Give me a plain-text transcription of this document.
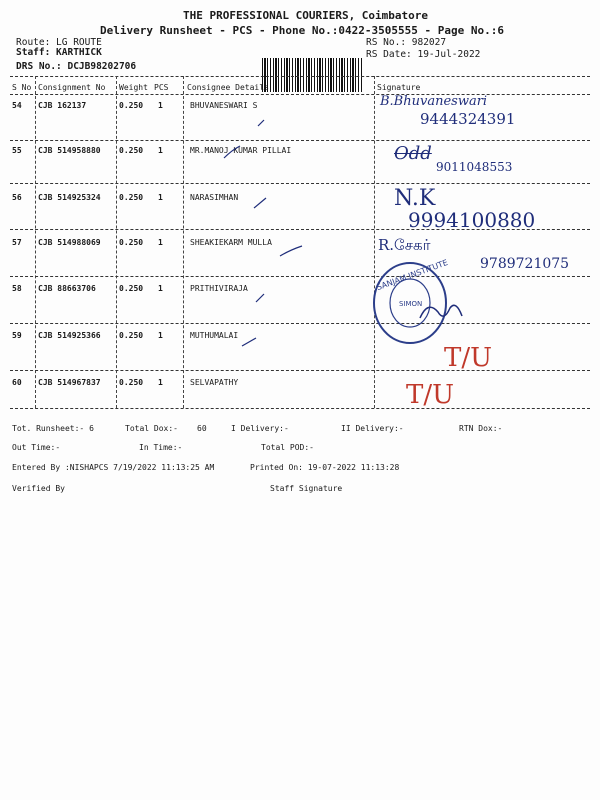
THE PROFESSIONAL COURIERS, Coimbatore
Delivery Runsheet - PCS - Phone No.:0422-3505555 - Page No.:6
Route: LG ROUTE
Staff: KARTHICK
DRS No.: DCJB98202706
RS No.: 982027
RS Date: 19-Jul-2022
S No Consignment No Weight PCS Consignee Details	Signature
54 CJB 162137	0.250 1	BHUVANESWARI S	B.Bhuvaneswari
9444324391
55 CJB 514958880 0.250 1	MR.MANOJ KUMAR PILLAI	Odd
9011048553
56 CJB 514925324 0.250 1	NARASIMHAN	N.K
9994100880
57 CJB 514988069 0.250 1	SHEAKIEKARM MULLA	R.சேகர்
9789721075
58 CJB 88663706	0.250 1	PRITHIVIRAJA
59 CJB 514925366 0.250 1	MUTHUMALAI
T/U
60 CJB 514967837 0.250 1	SELVAPATHY	T/U
SANJAM INSTITUTE
SIMON
Tot. Runsheet:- 6	Total Dox:- 60	I Delivery:-	II Delivery:-	RTN Dox:-
Out Time:-	In Time:-	Total POD:-
Entered By :NISHAPCS 7/19/2022 11:13:25 AM	Printed On: 19-07-2022 11:13:28
Verified By	Staff Signature
